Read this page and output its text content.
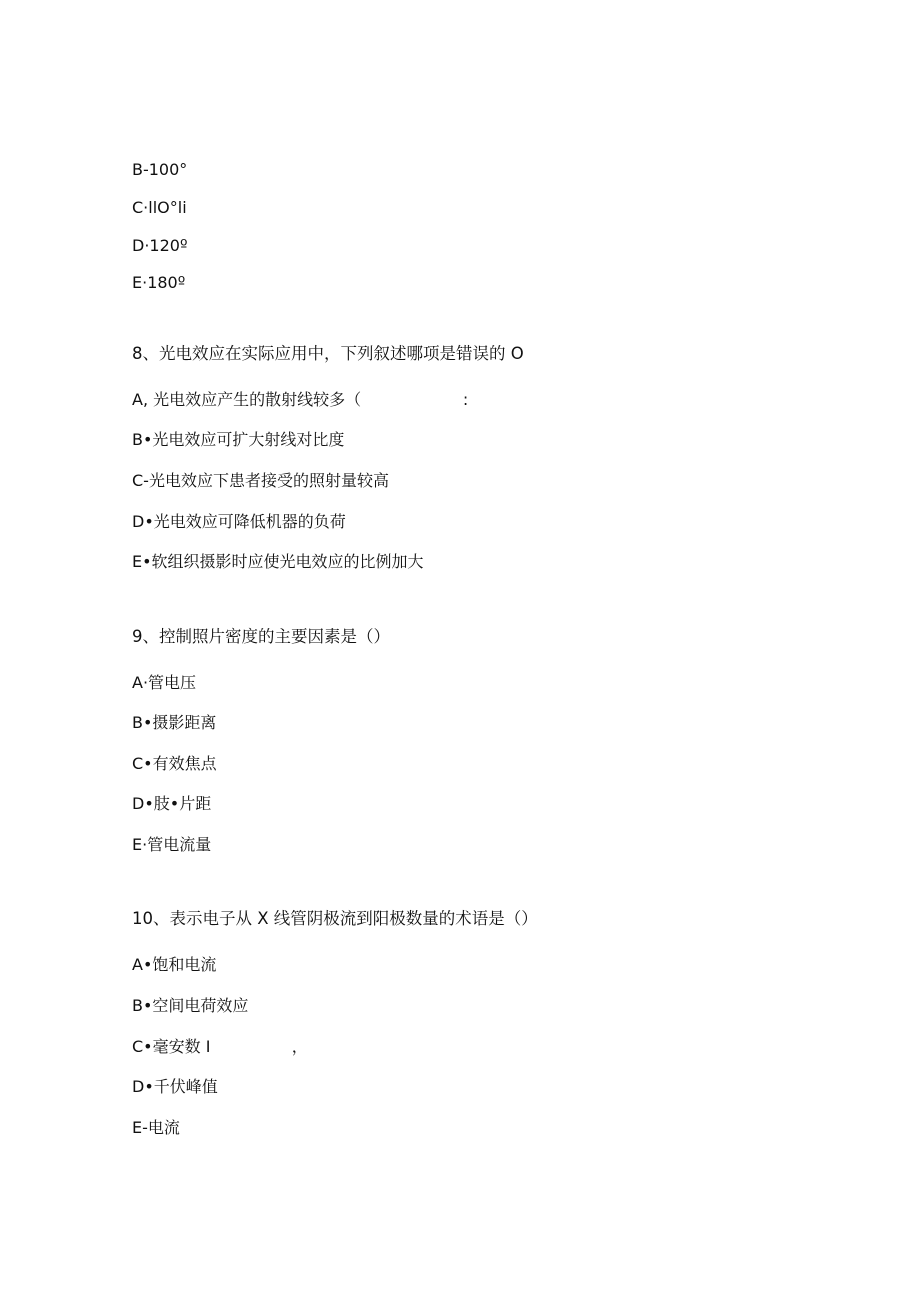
B-100°
C·llO°li
D·120º
E·180º
8、光电效应在实际应用中，下列叙述哪项是错误的 O
A, 光电效应产生的散射线较多（                    :
B•光电效应可扩大射线对比度
C-光电效应下患者接受的照射量较高
D•光电效应可降低机器的负荷
E•软组织摄影时应使光电效应的比例加大
9、控制照片密度的主要因素是（）
A·管电压
B•摄影距离
C•有效焦点
D•肢•片距
E·管电流量
10、表示电子从 X 线管阴极流到阳极数量的术语是（）
A•饱和电流
B•空间电荷效应
C•毫安数 I                ，
D•千伏峰值
E-电流
